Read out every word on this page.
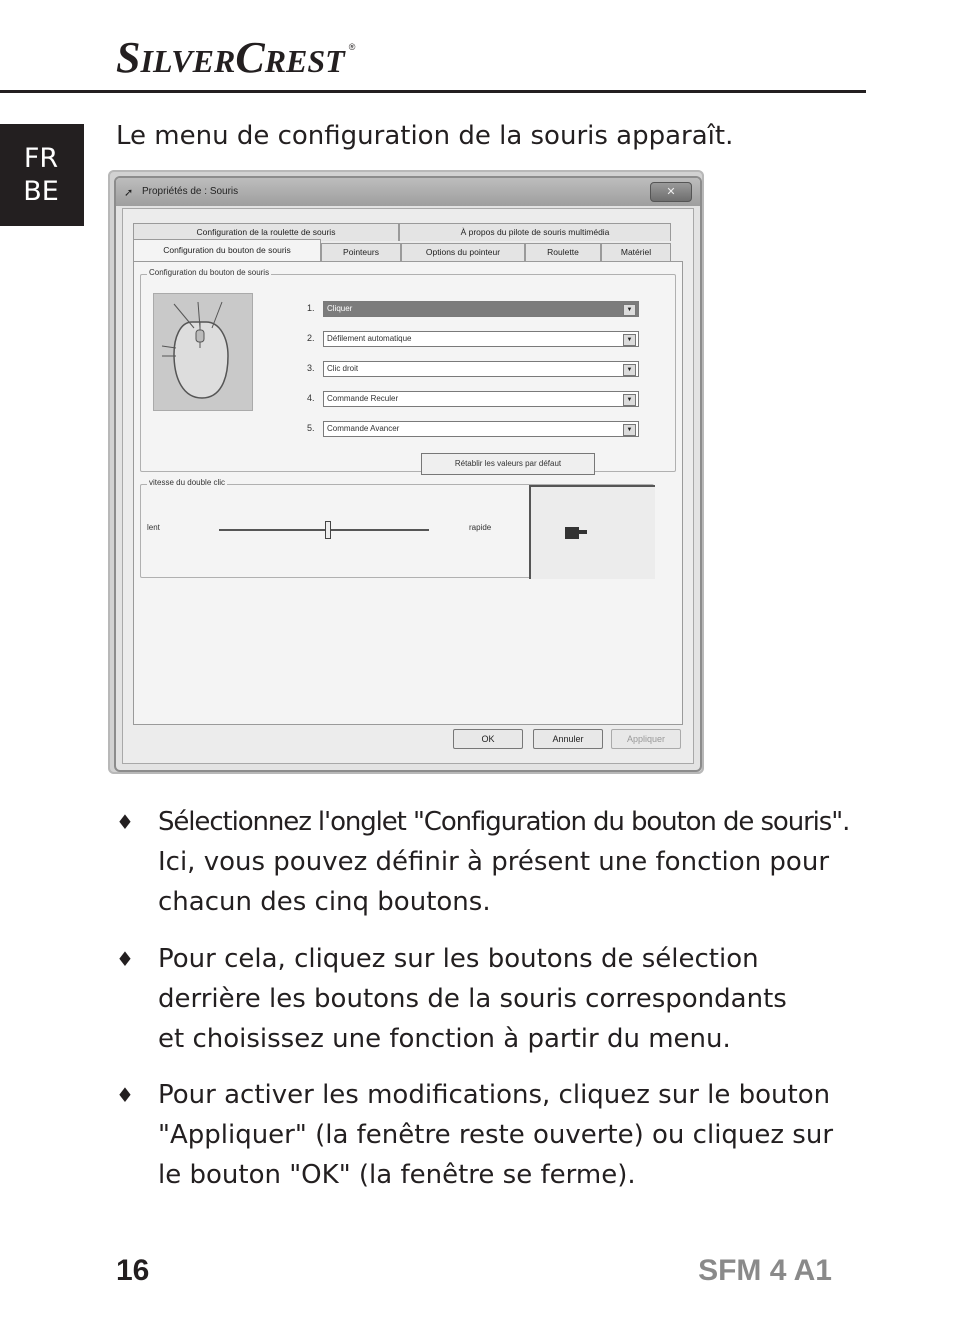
S ILVER C REST ®
FR
BE
Le menu de configuration de la souris apparaît.
➚ Propriétés de : Souris	✕
Configuration de la roulette de souris	À propos du pilote de souris multimédia
Configuration du bouton de souris	Pointeurs	Options du pointeur	Roulette	Matériel
Configuration du bouton de souris
1.	Cliquer	▼
2.	Défilement automatique	▼
3.	Clic droit	▼
4.	Commande Reculer	▼
5.	Commande Avancer	▼
Rétablir les valeurs par défaut
vitesse du double clic
lent	rapide
OK	Annuler	Appliquer
♦ Sélectionnez l'onglet "Configuration du bouton de souris".
Ici, vous pouvez définir à présent une fonction pour
chacun des cinq boutons.
♦ Pour cela, cliquez sur les boutons de sélection
derrière les boutons de la souris correspondants
et choisissez une fonction à partir du menu.
♦ Pour activer les modifications, cliquez sur le bouton
"Appliquer" (la fenêtre reste ouverte) ou cliquez sur
le bouton "OK" (la fenêtre se ferme).
16	SFM 4 A1
